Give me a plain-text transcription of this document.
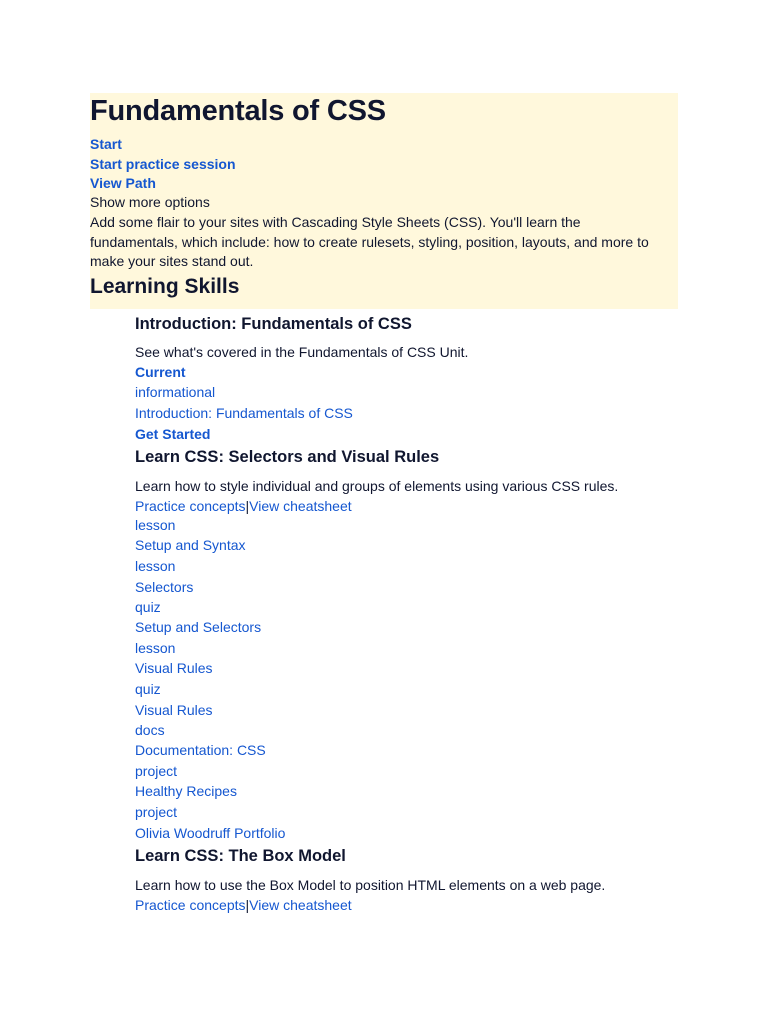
Fundamentals of CSS
Start
Start practice session
View Path
Show more options
Add some flair to your sites with Cascading Style Sheets (CSS). You'll learn the fundamentals, which include: how to create rulesets, styling, position, layouts, and more to make your sites stand out.
Learning Skills
Introduction: Fundamentals of CSS
See what's covered in the Fundamentals of CSS Unit.
Current
informational
Introduction: Fundamentals of CSS
Get Started
Learn CSS: Selectors and Visual Rules
Learn how to style individual and groups of elements using various CSS rules.
Practice concepts|View cheatsheet
lesson
Setup and Syntax
lesson
Selectors
quiz
Setup and Selectors
lesson
Visual Rules
quiz
Visual Rules
docs
Documentation: CSS
project
Healthy Recipes
project
Olivia Woodruff Portfolio
Learn CSS: The Box Model
Learn how to use the Box Model to position HTML elements on a web page.
Practice concepts|View cheatsheet
